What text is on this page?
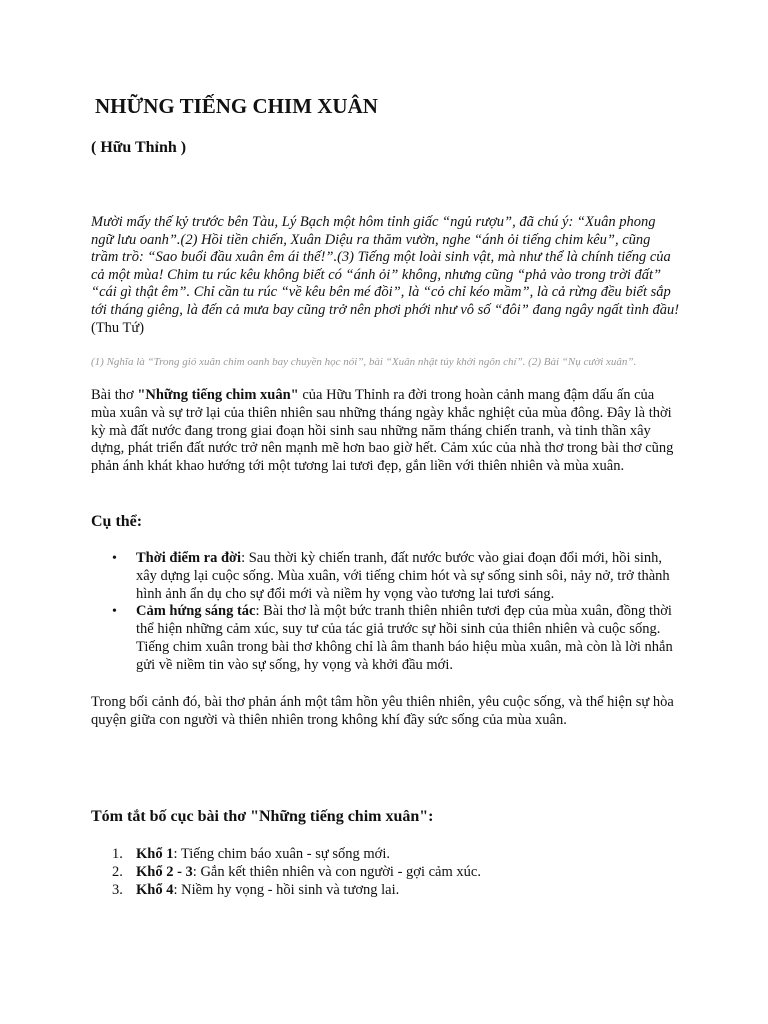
NHỮNG TIẾNG CHIM XUÂN

( Hữu Thỉnh )

Mười mấy thế kỷ trước bên Tàu, Lý Bạch một hôm tỉnh giấc “ngủ rượu”, đã chú ý: “Xuân phong ngữ lưu oanh”.(2) Hồi tiền chiến, Xuân Diệu ra thăm vườn, nghe “ánh ỏi tiếng chim kêu”, cũng trầm trồ: “Sao buổi đầu xuân êm ái thế!”.(3) Tiếng một loài sinh vật, mà như thể là chính tiếng của cả một mùa! Chim tu rúc kêu không biết có “ánh ỏi” không, nhưng cũng “phả vào trong trời đất” “cái gì thật êm”. Chỉ cần tu rúc “về kêu bên mé đồi”, là “cỏ chỉ kéo mầm”, là cả rừng đều biết sắp tới tháng giêng, là đến cả mưa bay cũng trở nên phơi phới như vô số “đôi” đang ngây ngất tình đầu! (Thu Tứ)

(1) Nghĩa là “Trong gió xuân chim oanh bay chuyền học nói”, bài “Xuân nhật túy khởi ngôn chí”. (2) Bài “Nụ cười xuân”.

Bài thơ "Những tiếng chim xuân" của Hữu Thỉnh ra đời trong hoàn cảnh mang đậm dấu ấn của mùa xuân và sự trở lại của thiên nhiên sau những tháng ngày khắc nghiệt của mùa đông. Đây là thời kỳ mà đất nước đang trong giai đoạn hồi sinh sau những năm tháng chiến tranh, và tinh thần xây dựng, phát triển đất nước trở nên mạnh mẽ hơn bao giờ hết. Cảm xúc của nhà thơ trong bài thơ cũng phản ánh khát khao hướng tới một tương lai tươi đẹp, gắn liền với thiên nhiên và mùa xuân.

Cụ thể:
• Thời điểm ra đời: Sau thời kỳ chiến tranh, đất nước bước vào giai đoạn đổi mới, hồi sinh, xây dựng lại cuộc sống. Mùa xuân, với tiếng chim hót và sự sống sinh sôi, nảy nở, trở thành hình ảnh ẩn dụ cho sự đổi mới và niềm hy vọng vào tương lai tươi sáng.
• Cảm hứng sáng tác: Bài thơ là một bức tranh thiên nhiên tươi đẹp của mùa xuân, đồng thời thể hiện những cảm xúc, suy tư của tác giả trước sự hồi sinh của thiên nhiên và cuộc sống. Tiếng chim xuân trong bài thơ không chỉ là âm thanh báo hiệu mùa xuân, mà còn là lời nhắn gửi về niềm tin vào sự sống, hy vọng và khởi đầu mới.

Trong bối cảnh đó, bài thơ phản ánh một tâm hồn yêu thiên nhiên, yêu cuộc sống, và thể hiện sự hòa quyện giữa con người và thiên nhiên trong không khí đầy sức sống của mùa xuân.

Tóm tắt bố cục bài thơ "Những tiếng chim xuân":
1. Khổ 1: Tiếng chim báo xuân - sự sống mới.
2. Khổ 2 - 3: Gắn kết thiên nhiên và con người - gợi cảm xúc.
3. Khổ 4: Niềm hy vọng - hồi sinh và tương lai.
